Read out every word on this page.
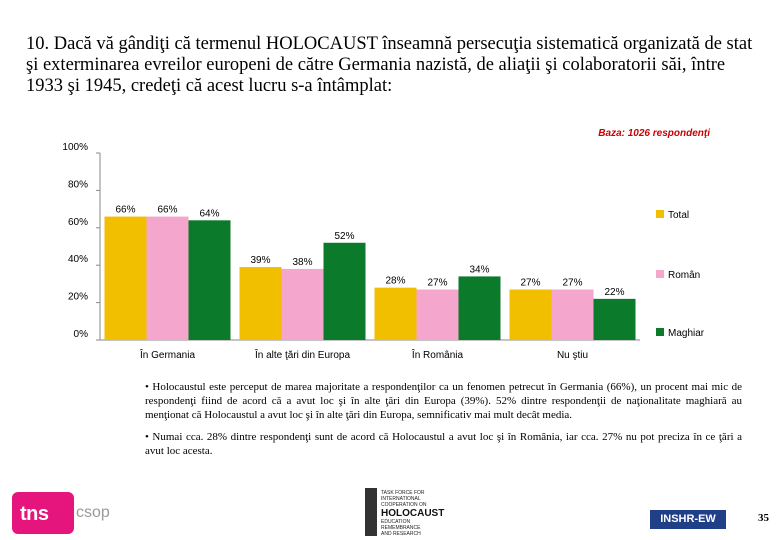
10. Dacă vă gândiţi că termenul HOLOCAUST înseamnă persecuţia sistematică organizată de stat şi exterminarea evreilor europeni de către Germania nazistă, de aliaţii şi colaboratorii săi, între 1933 şi 1945, credeţi că acest lucru s-a întâmplat:
Baza: 1026 respondenţi
0%
20%
40%
60%
80%
100%
66% 66% 64%
În Germania
39% 38%
52%
În alte ţări din Europa
28% 27%
34%
În România
27% 27%
22%
Nu ştiu
Total
Român
Maghiar

• Holocaustul este perceput de marea majoritate a respondenţilor ca un fenomen petrecut în Germania (66%), un procent mai mic de respondenţi fiind de acord că a avut loc şi în alte ţări din Europa (39%). 52% dintre respondenţii de naţionalitate maghiară au menţionat că Holocaustul a avut loc şi în alte ţări din Europa, semnificativ mai mult decât media.

• Numai cca. 28% dintre respondenţi sunt de acord că Holocaustul a avut loc şi în România, iar cca. 27% nu pot preciza în ce ţări a avut loc acesta.

tns csop
TASK FORCE FOR
INTERNATIONAL
COOPERATION ON
HOLOCAUST
EDUCATION
REMEMBRANCE
AND RESEARCH
INSHR-EW	35
